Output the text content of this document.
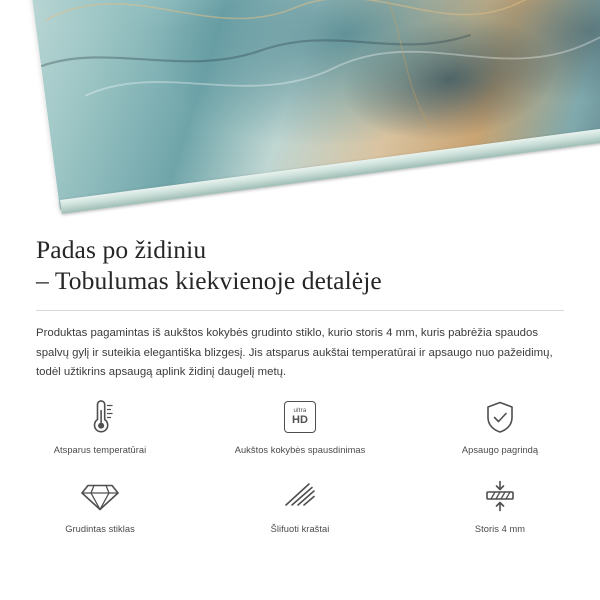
Padas po židiniu
– Tobulumas kiekvienoje detalėje

Produktas pagamintas iš aukštos kokybės grudinto stiklo, kurio storis 4 mm, kuris pabrėžia spaudos spalvų gylį ir suteikia elegantiška blizgesį. Jis atsparus aukštai temperatūrai ir apsaugo nuo pažeidimų, todėl užtikrins apsaugą aplink židinį daugelį metų.

Atsparus temperatūrai
ultra
HD
Aukštos kokybės spausdinimas	Apsaugo pagrindą
Grudintas stiklas	Šlifuoti kraštai	Storis 4 mm
